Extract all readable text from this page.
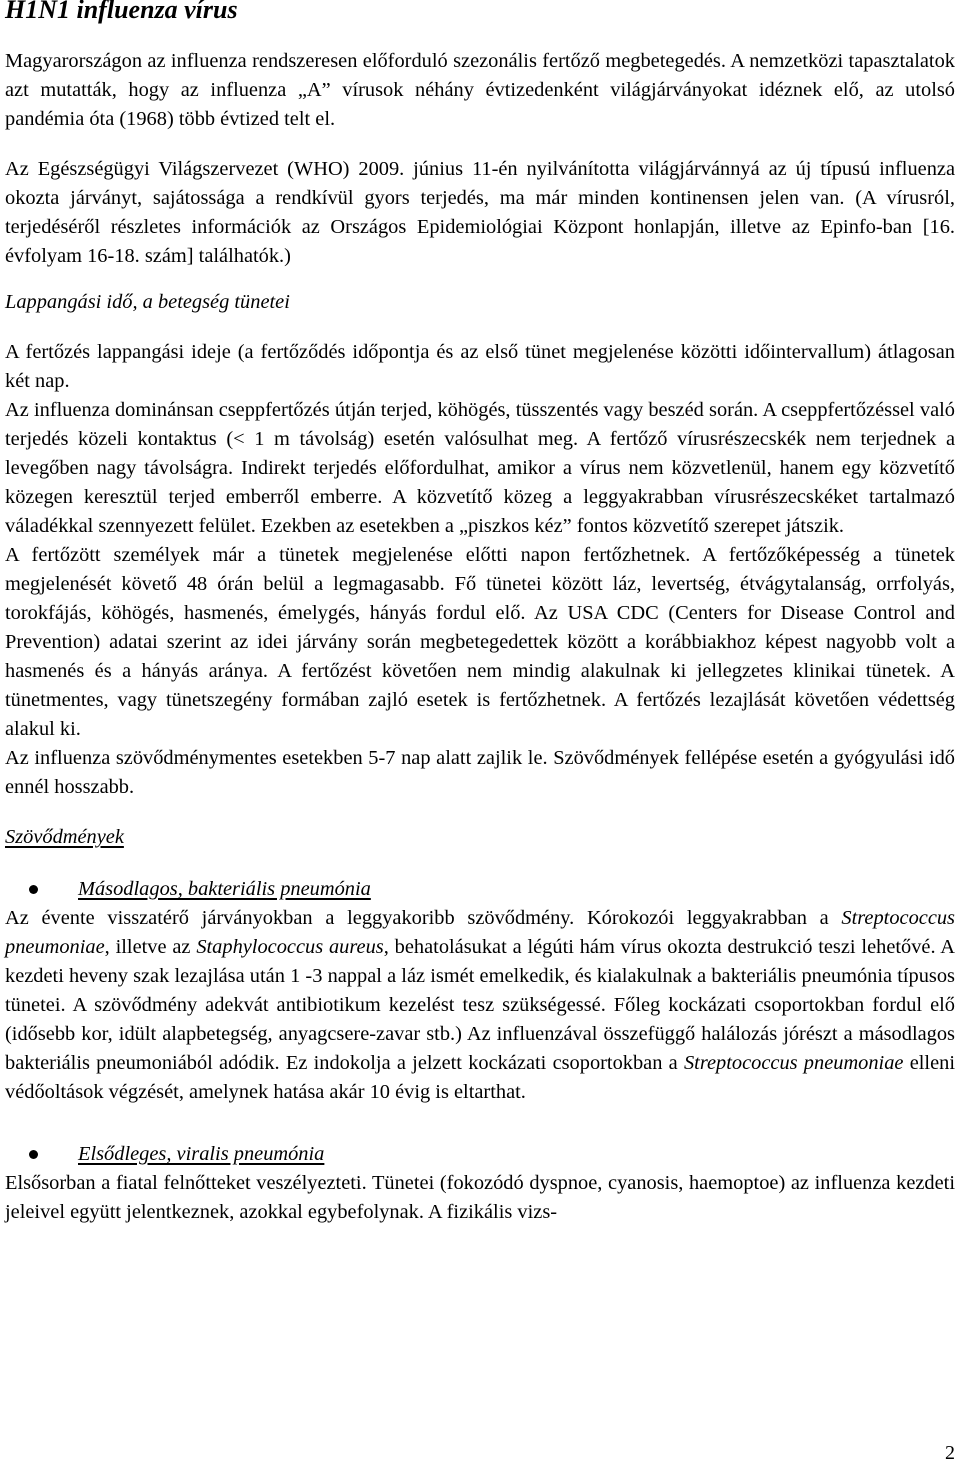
H1N1 influenza vírus

Magyarországon az influenza rendszeresen előforduló szezonális fertőző megbetegedés. A nemzetközi tapasztalatok azt mutatták, hogy az influenza „A” vírusok néhány évtizedenként világjárványokat idéznek elő, az utolsó pandémia óta (1968) több évtized telt el.

Az Egészségügyi Világszervezet (WHO) 2009. június 11-én nyilvánította világjárvánnyá az új típusú influenza okozta járványt, sajátossága a rendkívül gyors terjedés, ma már minden kontinensen jelen van. (A vírusról, terjedéséről részletes információk az Országos Epidemiológiai Központ honlapján, illetve az Epinfo-ban [16. évfolyam 16-18. szám] találhatók.)

Lappangási idő, a betegség tünetei

A fertőzés lappangási ideje (a fertőződés időpontja és az első tünet megjelenése közötti időintervallum) átlagosan két nap.

Az influenza dominánsan cseppfertőzés útján terjed, köhögés, tüsszentés vagy beszéd során. A cseppfertőzéssel való terjedés közeli kontaktus (< 1 m távolság) esetén valósulhat meg. A fertőző vírusrészecskék nem terjednek a levegőben nagy távolságra. Indirekt terjedés előfordulhat, amikor a vírus nem közvetlenül, hanem egy közvetítő közegen keresztül terjed emberről emberre. A közvetítő közeg a leggyakrabban vírusrészecskéket tartalmazó váladékkal szennyezett felület. Ezekben az esetekben a „piszkos kéz” fontos közvetítő szerepet játszik.

A fertőzött személyek már a tünetek megjelenése előtti napon fertőzhetnek. A fertőzőképesség a tünetek megjelenését követő 48 órán belül a legmagasabb. Fő tünetei között láz, levertség, étvágytalanság, orrfolyás, torokfájás, köhögés, hasmenés, émelygés, hányás fordul elő. Az USA CDC (Centers for Disease Control and Prevention) adatai szerint az idei járvány során megbetegedettek között a korábbiakhoz képest nagyobb volt a hasmenés és a hányás aránya. A fertőzést követően nem mindig alakulnak ki jellegzetes klinikai tünetek. A tünetmentes, vagy tünetszegény formában zajló esetek is fertőzhetnek. A fertőzés lezajlását követően védettség alakul ki.

Az influenza szövődménymentes esetekben 5-7 nap alatt zajlik le. Szövődmények fellépése esetén a gyógyulási idő ennél hosszabb.

Szövődmények

Másodlagos, bakteriális pneumónia

Az évente visszatérő járványokban a leggyakoribb szövődmény. Kórokozói leggyakrabban a Streptococcus pneumoniae, illetve az Staphylococcus aureus, behatolásukat a légúti hám vírus okozta destrukció teszi lehetővé. A kezdeti heveny szak lezajlása után 1 -3 nappal a láz ismét emelkedik, és kialakulnak a bakteriális pneumónia típusos tünetei. A szövődmény adekvát antibiotikum kezelést tesz szükségessé. Főleg kockázati csoportokban fordul elő (idősebb kor, idült alapbetegség, anyagcsere-zavar stb.) Az influenzával összefüggő halálozás jórészt a másodlagos bakteriális pneumoniából adódik. Ez indokolja a jelzett kockázati csoportokban a Streptococcus pneumoniae elleni védőoltások végzését, amelynek hatása akár 10 évig is eltarthat.

Elsődleges, viralis pneumónia

Elsősorban a fiatal felnőtteket veszélyezteti. Tünetei (fokozódó dyspnoe, cyanosis, haemoptoe) az influenza kezdeti jeleivel együtt jelentkeznek, azokkal egybefolynak. A fizikális vizs-

2
